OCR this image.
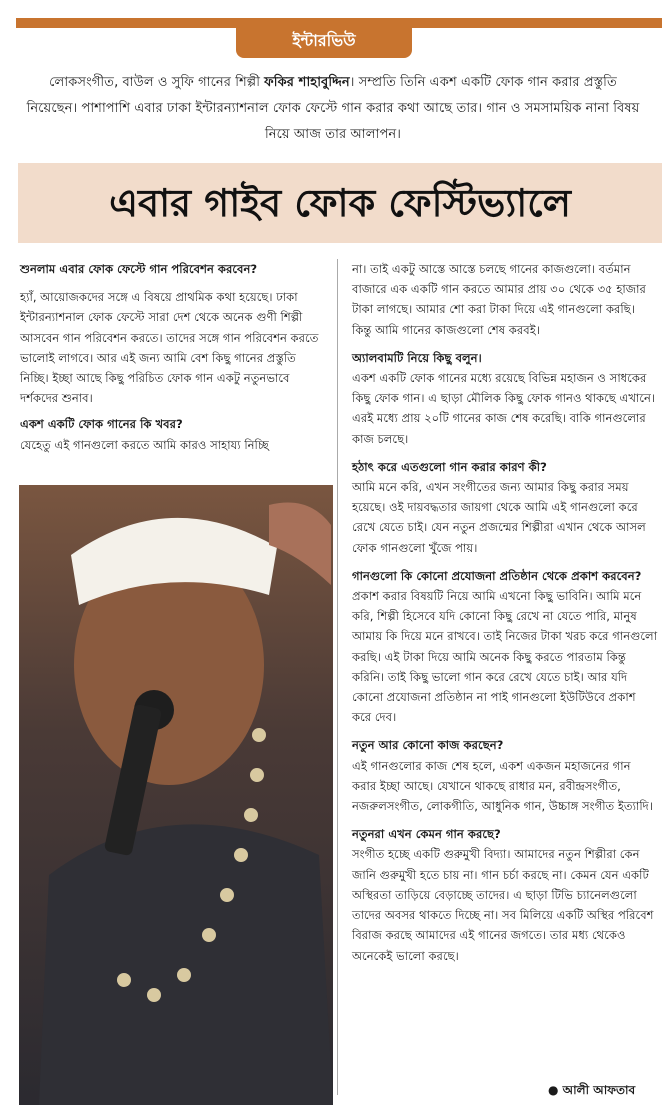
ইন্টারভিউ
লোকসংগীত, বাউল ও সুফি গানের শিল্পী ফকির শাহাবুদ্দিন। সম্প্রতি তিনি একশ একটি ফোক গান করার প্রস্তুতি নিয়েছেন। পাশাপাশি এবার ঢাকা ইন্টারন্যাশনাল ফোক ফেস্টে গান করার কথা আছে তার। গান ও সমসাময়িক নানা বিষয় নিয়ে আজ তার আলাপন।
এবার গাইব ফোক ফেস্টিভ্যালে

শুনলাম এবার ফোক ফেস্টে গান পরিবেশন করবেন?

হ্যাঁ, আয়োজকদের সঙ্গে এ বিষয়ে প্রাথমিক কথা হয়েছে। ঢাকা ইন্টারন্যাশনাল ফোক ফেস্টে সারা দেশ থেকে অনেক গুণী শিল্পী আসবেন গান পরিবেশন করতে। তাদের সঙ্গে গান পরিবেশন করতে ভালোই লাগবে। আর এই জন্য আমি বেশ কিছু গানের প্রস্তুতি নিচ্ছি। ইচ্ছা আছে কিছু পরিচিত ফোক গান একটু নতুনভাবে দর্শকদের শুনাব।

একশ একটি ফোক গানের কি খবর?

যেহেতু এই গানগুলো করতে আমি কারও সাহায্য নিচ্ছি

না। তাই একটু আস্তে আস্তে চলছে গানের কাজগুলো। বর্তমান বাজারে এক একটি গান করতে আমার প্রায় ৩০ থেকে ৩৫ হাজার টাকা লাগছে। আমার শো করা টাকা দিয়ে এই গানগুলো করছি। কিন্তু আমি গানের কাজগুলো শেষ করবই।

অ্যালবামটি নিয়ে কিছু বলুন।

একশ একটি ফোক গানের মধ্যে রয়েছে বিভিন্ন মহাজন ও সাধকের কিছু ফোক গান। এ ছাড়া মৌলিক কিছু ফোক গানও থাকছে এখানে। এরই মধ্যে প্রায় ২০টি গানের কাজ শেষ করেছি। বাকি গানগুলোর কাজ চলছে।

হঠাৎ করে এতগুলো গান করার কারণ কী?

আমি মনে করি, এখন সংগীতের জন্য আমার কিছু করার সময় হয়েছে। ওই দায়বদ্ধতার জায়গা থেকে আমি এই গানগুলো করে রেখে যেতে চাই। যেন নতুন প্রজন্মের শিল্পীরা এখান থেকে আসল ফোক গানগুলো খুঁজে পায়।

গানগুলো কি কোনো প্রযোজনা প্রতিষ্ঠান থেকে প্রকাশ করবেন?

প্রকাশ করার বিষয়টি নিয়ে আমি এখনো কিছু ভাবিনি। আমি মনে করি, শিল্পী হিসেবে যদি কোনো কিছু রেখে না যেতে পারি, মানুষ আমায় কি দিয়ে মনে রাখবে। তাই নিজের টাকা খরচ করে গানগুলো করছি। এই টাকা দিয়ে আমি অনেক কিছু করতে পারতাম কিন্তু করিনি। তাই কিছু ভালো গান করে রেখে যেতে চাই। আর যদি কোনো প্রযোজনা প্রতিষ্ঠান না পাই গানগুলো ইউটিউবে প্রকাশ করে দেব।

নতুন আর কোনো কাজ করছেন?

এই গানগুলোর কাজ শেষ হলে, একশ একজন মহাজনের গান করার ইচ্ছা আছে। যেখানে থাকছে রাধার মন, রবীন্দ্রসংগীত, নজরুলসংগীত, লোকগীতি, আধুনিক গান, উচ্চাঙ্গ সংগীত ইত্যাদি।

নতুনরা এখন কেমন গান করছে?

সংগীত হচ্ছে একটি গুরুমুখী বিদ্যা। আমাদের নতুন শিল্পীরা কেন জানি গুরুমুখী হতে চায় না। গান চর্চা করছে না। কেমন যেন একটি অস্থিরতা তাড়িয়ে বেড়াচ্ছে তাদের। এ ছাড়া টিভি চ্যানেলগুলো তাদের অবসর থাকতে দিচ্ছে না। সব মিলিয়ে একটি অস্থির পরিবেশ বিরাজ করছে আমাদের এই গানের জগতে। তার মধ্য থেকেও অনেকেই ভালো করছে।

● আলী আফতাব
